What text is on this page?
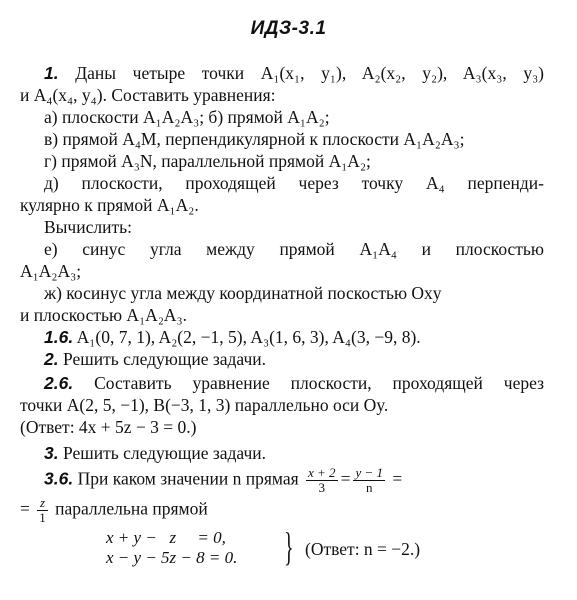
ИДЗ-3.1
1. Даны четыре точки A₁(x₁, y₁), A₂(x₂, y₂), A₃(x₃, y₃)
и A₄(x₄, y₄). Составить уравнения:
а) плоскости A₁A₂A₃; б) прямой A₁A₂;
в) прямой A₄M, перпендикулярной к плоскости A₁A₂A₃;
г) прямой A₃N, параллельной прямой A₁A₂;
д) плоскости, проходящей через точку A₄ перпенди-
кулярно к прямой A₁A₂.
Вычислить:
е) синус угла между прямой A₁A₄ и плоскостью
A₁A₂A₃;
ж) косинус угла между координатной поскостью Oxy
и плоскостью A₁A₂A₃.
1.6. A₁(0, 7, 1), A₂(2, −1, 5), A₃(1, 6, 3), A₄(3, −9, 8).
2. Решить следующие задачи.
2.6. Составить уравнение плоскости, проходящей через
точки A(2, 5, −1), B(−3, 1, 3) параллельно оси Oy.
(Ответ: 4x + 5z − 3 = 0.)
3. Решить следующие задачи.
3.6. При каком значении n прямая $\frac{x + 2}{3} = \frac{y - 1}{n}$ =
= $\frac{z}{1}$ параллельна прямой
x + y −   z     = 0,
x − y − 5z − 8 = 0. } (Ответ: n = −2.)
